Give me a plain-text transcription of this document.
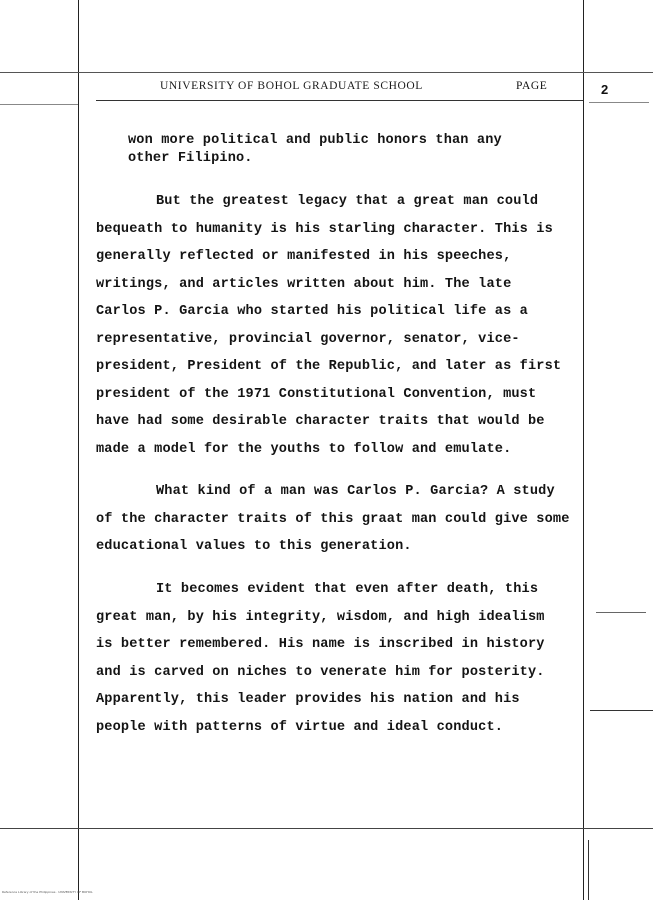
UNIVERSITY OF BOHOL GRADUATE SCHOOL	PAGE	2
won more political and public honors than any
other Filipino.
But the greatest legacy that a great man could
bequeath to humanity is his starling character. This is
generally reflected or manifested in his speeches,
writings, and articles written about him. The late
Carlos P. Garcia who started his political life as a
representative, provincial governor, senator, vice-
president, President of the Republic, and later as first
president of the 1971 Constitutional Convention, must
have had some desirable character traits that would be
made a model for the youths to follow and emulate.
What kind of a man was Carlos P. Garcia? A study
of the character traits of this graat man could give some
educational values to this generation.
It becomes evident that even after death, this
great man, by his integrity, wisdom, and high idealism
is better remembered. His name is inscribed in history
and is carved on niches to venerate him for posterity.
Apparently, this leader provides his nation and his
people with patterns of virtue and ideal conduct.
Reference Library of the Philippines · UNIVERSITY OF BOHOL
